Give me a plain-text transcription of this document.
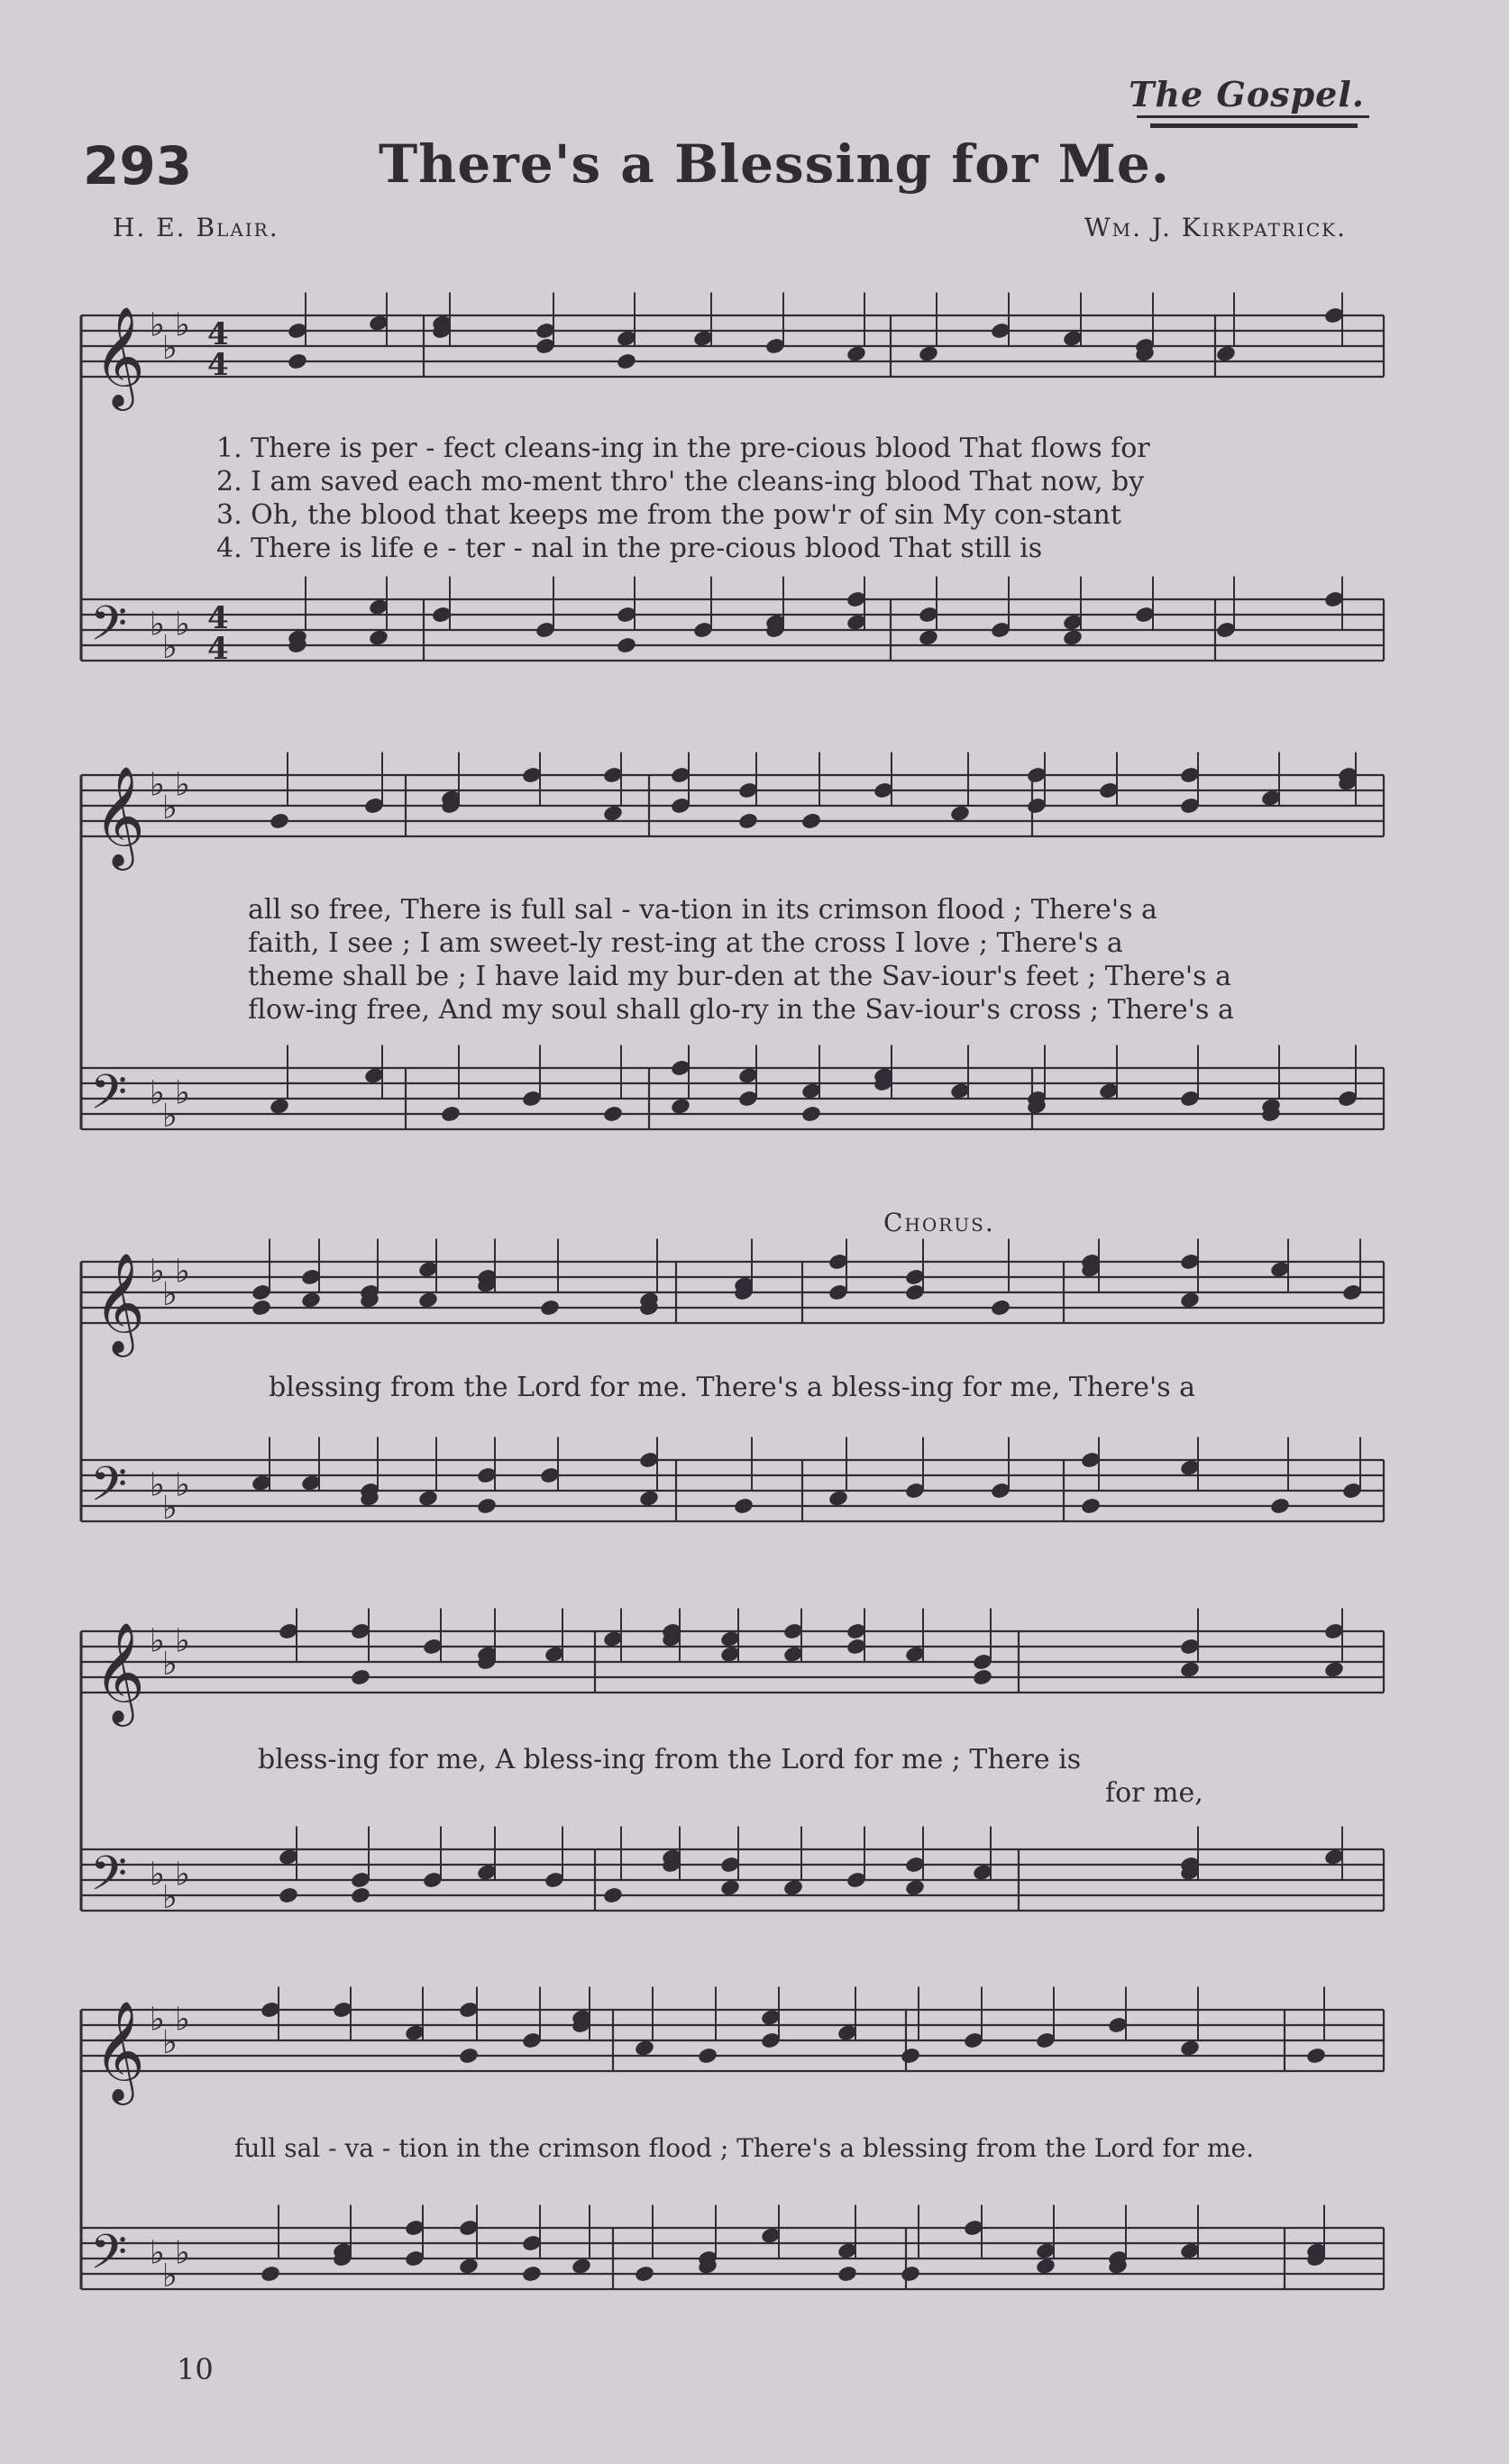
The Gospel.
293	There's a Blessing for Me.
H. E. Blair.	Wm. J. Kirkpatrick.
𝄞
𝄢
♭
♭
♭
♭
♭
♭
4
4
4
4
1. There is per - fect cleans-ing in the pre-cious blood That flows for
2. I am saved each mo-ment thro' the cleans-ing blood That now, by
3. Oh, the blood that keeps me from the pow'r of sin My con-stant
4. There is life e - ter - nal in the pre-cious blood That still is
𝄞
𝄢
♭
♭
♭
♭
♭
♭
all so free, There is full sal - va-tion in its crimson flood ; There's a
faith, I see ; I am sweet-ly rest-ing at the cross I love ; There's a
theme shall be ; I have laid my bur-den at the Sav-iour's feet ; There's a
flow-ing free, And my soul shall glo-ry in the Sav-iour's cross ; There's a
Chorus.
𝄞
𝄢
♭
♭
♭
♭
♭
♭
blessing from the Lord for me. There's a bless-ing for me, There's a
𝄞
𝄢
♭
♭
♭
♭
♭
♭
bless-ing for me, A bless-ing from the Lord for me ; There is
for me,
𝄞
𝄢
♭
♭
♭
♭
♭
♭
full sal - va - tion in the crimson flood ; There's a blessing from the Lord for me.
10
